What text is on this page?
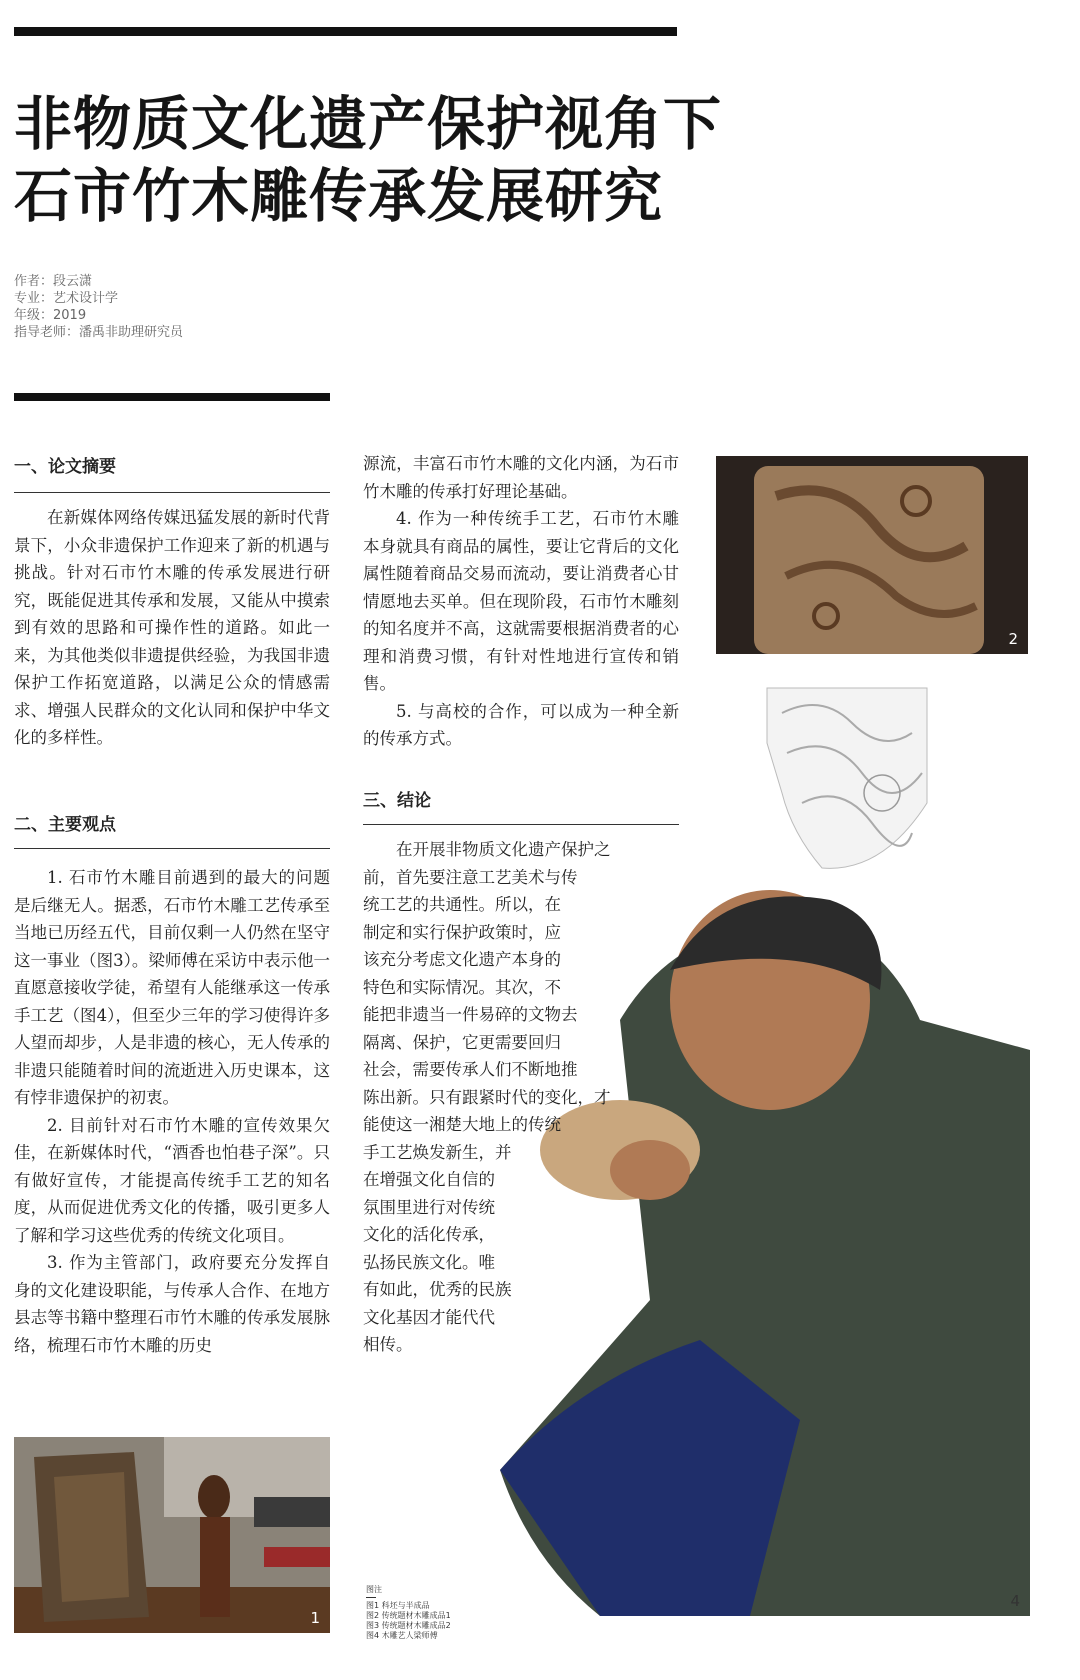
非物质文化遗产保护视角下
石市竹木雕传承发展研究
作者：段云潇
专业：艺术设计学
年级：2019
指导老师：潘禹非助理研究员
一、论文摘要

在新媒体网络传媒迅猛发展的新时代背景下，小众非遗保护工作迎来了新的机遇与挑战。针对石市竹木雕的传承发展进行研究，既能促进其传承和发展，又能从中摸索到有效的思路和可操作性的道路。如此一来，为其他类似非遗提供经验，为我国非遗保护工作拓宽道路，以满足公众的情感需求、增强人民群众的文化认同和保护中华文化的多样性。

二、主要观点

1. 石市竹木雕目前遇到的最大的问题是后继无人。据悉，石市竹木雕工艺传承至当地已历经五代，目前仅剩一人仍然在坚守这一事业（图3）。梁师傅在采访中表示他一直愿意接收学徒，希望有人能继承这一传承手工艺（图4），但至少三年的学习使得许多人望而却步，人是非遗的核心，无人传承的非遗只能随着时间的流逝进入历史课本，这有悖非遗保护的初衷。

2. 目前针对石市竹木雕的宣传效果欠佳，在新媒体时代，“酒香也怕巷子深”。只有做好宣传，才能提高传统手工艺的知名度，从而促进优秀文化的传播，吸引更多人了解和学习这些优秀的传统文化项目。

3. 作为主管部门，政府要充分发挥自身的文化建设职能，与传承人合作、在地方县志等书籍中整理石市竹木雕的传承发展脉络，梳理石市竹木雕的历史

1

源流，丰富石市竹木雕的文化内涵，为石市竹木雕的传承打好理论基础。

4. 作为一种传统手工艺，石市竹木雕本身就具有商品的属性，要让它背后的文化属性随着商品交易而流动，要让消费者心甘情愿地去买单。但在现阶段，石市竹木雕刻的知名度并不高，这就需要根据消费者的心理和消费习惯，有针对性地进行宣传和销售。

5. 与高校的合作，可以成为一种全新的传承方式。

三、结论
2
4
在开展非物质文化遗产保护之
前，首先要注意工艺美术与传
统工艺的共通性。所以，在
制定和实行保护政策时，应
该充分考虑文化遗产本身的
特色和实际情况。其次，不
能把非遗当一件易碎的文物去
隔离、保护，它更需要回归
社会，需要传承人们不断地推
陈出新。只有跟紧时代的变化，才
能使这一湘楚大地上的传统
手工艺焕发新生，并
在增强文化自信的
氛围里进行对传统
文化的活化传承，
弘扬民族文化。唯
有如此，优秀的民族
文化基因才能代代
相传。
图注
图1 科坯与半成品
图2 传统题材木雕成品1
图3 传统题材木雕成品2
图4 木雕艺人梁师傅
